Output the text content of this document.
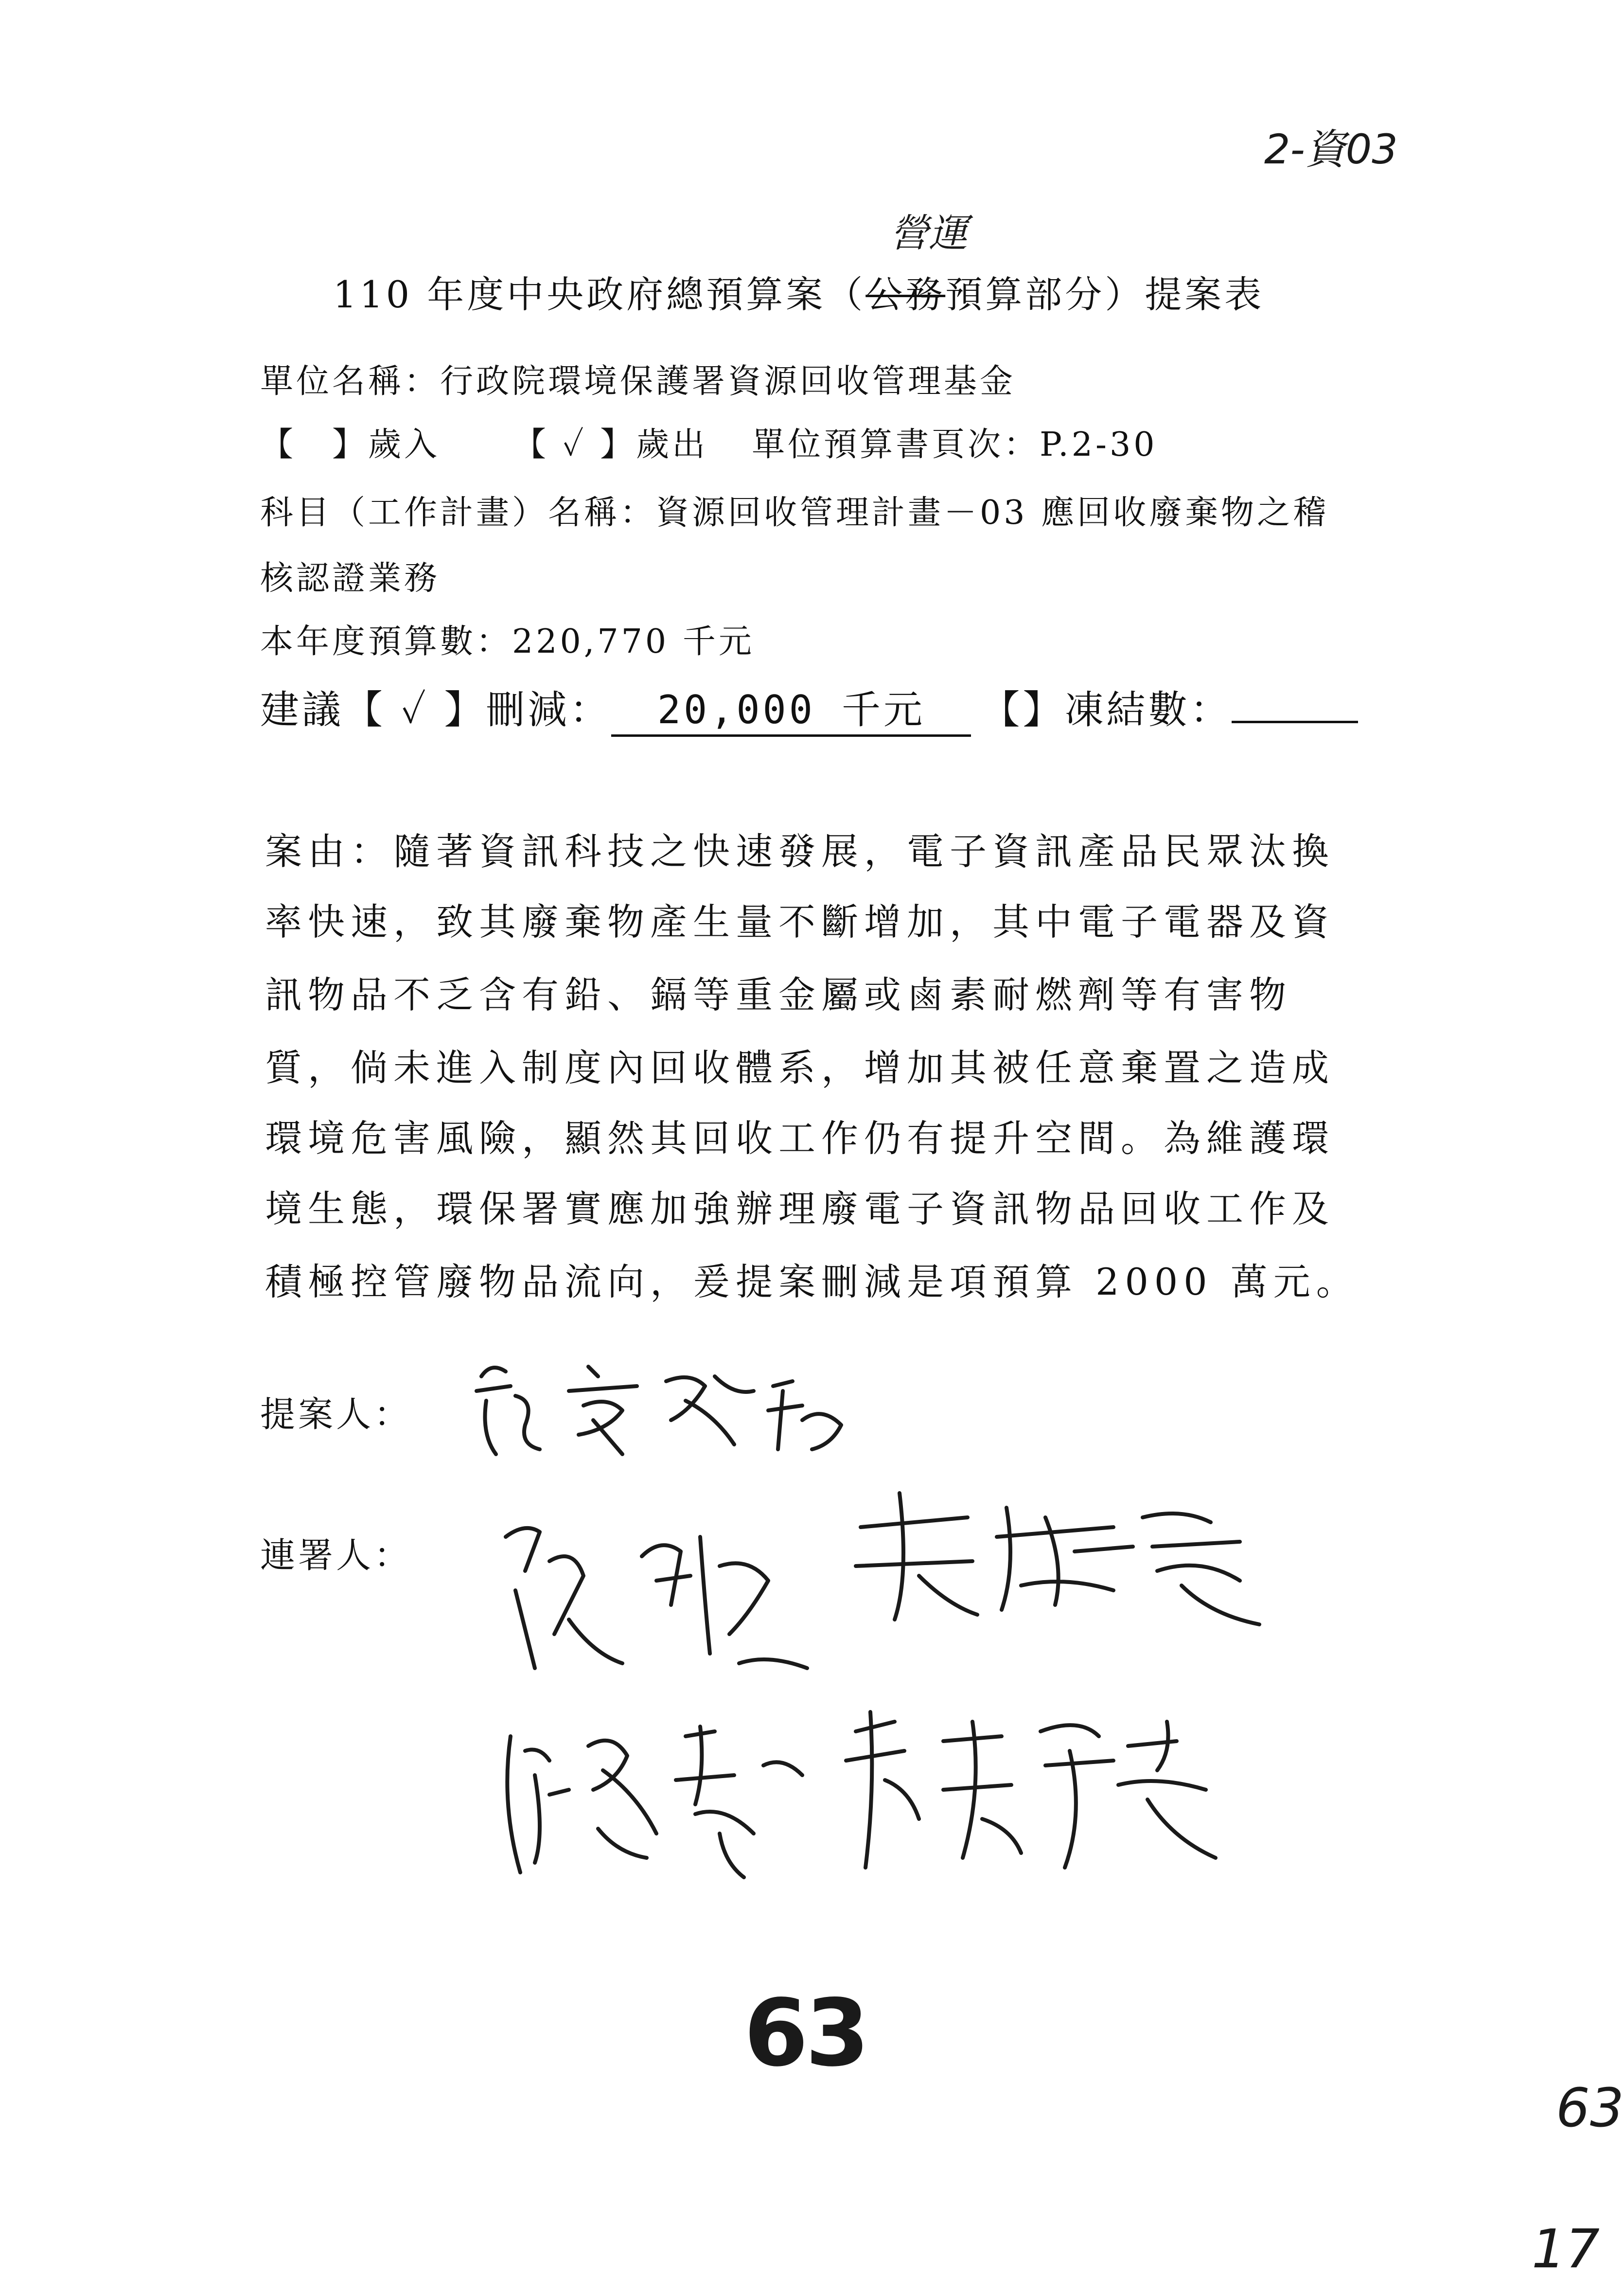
2-資03
營運
110 年度中央政府總預算案（公務預算部分）提案表
單位名稱：行政院環境保護署資源回收管理基金
【　】歲入 【 ✓ 】歲出 單位預算書頁次：P.2-30
科目（工作計畫）名稱：資源回收管理計畫－03 應回收廢棄物之稽
核認證業務
本年度預算數：220,770 千元
建議【 ✓ 】刪減： 20,000 千元 【】凍結數：
案由：隨著資訊科技之快速發展，電子資訊產品民眾汰換
率快速，致其廢棄物產生量不斷增加，其中電子電器及資
訊物品不乏含有鉛、鎘等重金屬或鹵素耐燃劑等有害物
質，倘未進入制度內回收體系，增加其被任意棄置之造成
環境危害風險，顯然其回收工作仍有提升空間。為維護環
境生態，環保署實應加強辦理廢電子資訊物品回收工作及
積極控管廢物品流向，爰提案刪減是項預算 2000 萬元。
提案人：
連署人：
63
63
17
